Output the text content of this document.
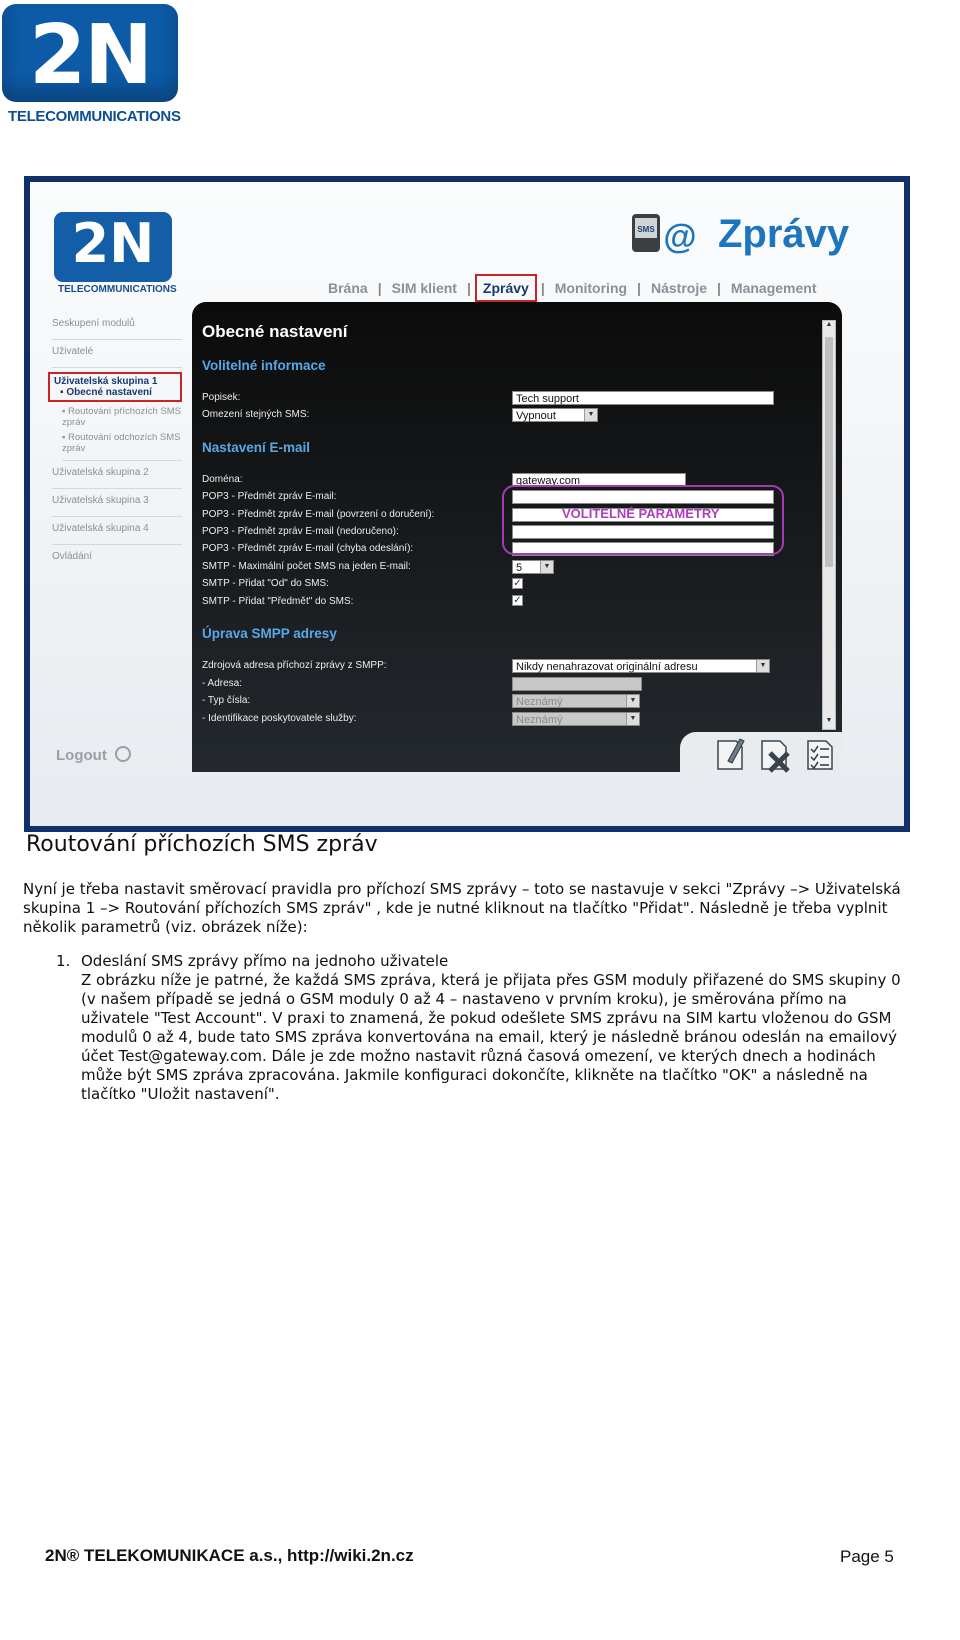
2N
TELECOMMUNICATIONS
2N
TELECOMMUNICATIONS
SMS @ Zprávy
Brána | SIM klient | Zprávy | Monitoring | Nástroje | Management
Seskupení modulů
Uživatelé
Uživatelská skupina 1
▪ Obecné nastavení
▪ Routování příchozích SMS zpráv
▪ Routování odchozích SMS zpráv
Uživatelská skupina 2
Uživatelská skupina 3
Uživatelská skupina 4
Ovládání
Logout
Obecné nastavení
Volitelné informace
Popisek:	Tech support
Omezení stejných SMS:	Vypnout	▼
Nastavení E-mail
Doména:	gateway.com
POP3 - Předmět zpráv E-mail:
POP3 - Předmět zpráv E-mail (povrzení o doručení):
POP3 - Předmět zpráv E-mail (nedoručeno):
POP3 - Předmět zpráv E-mail (chyba odeslání):
VOLITELNÉ PARAMETRY
SMTP - Maximální počet SMS na jeden E-mail:	5	▼
SMTP - Přidat "Od" do SMS:	✓
SMTP - Přidat "Předmět" do SMS:	✓
Úprava SMPP adresy
Zdrojová adresa příchozí zprávy z SMPP:	Nikdy nenahrazovat originální adresu	▼
- Adresa:
- Typ čísla:	Neznámý	▼
- Identifikace poskytovatele služby:	Neznámý	▼
▲
▼
Routování příchozích SMS zpráv
Nyní je třeba nastavit směrovací pravidla pro příchozí SMS zprávy – toto se nastavuje v sekci "Zprávy –> Uživatelská skupina 1 –> Routování příchozích SMS zpráv" , kde je nutné kliknout na tlačítko "Přidat". Následně je třeba vyplnit několik parametrů (viz. obrázek níže):
1. Odeslání SMS zprávy přímo na jednoho uživatele
Z obrázku níže je patrné, že každá SMS zpráva, která je přijata přes GSM moduly přiřazené do SMS skupiny 0 (v našem případě se jedná o GSM moduly 0 až 4 – nastaveno v prvním kroku), je směrována přímo na uživatele "Test Account". V praxi to znamená, že pokud odešlete SMS zprávu na SIM kartu vloženou do GSM modulů 0 až 4, bude tato SMS zpráva konvertována na email, který je následně bránou odeslán na emailový účet Test@gateway.com. Dále je zde možno nastavit různá časová omezení, ve kterých dnech a hodinách může být SMS zpráva zpracována. Jakmile konfiguraci dokončíte, klikněte na tlačítko "OK" a následně na tlačítko "Uložit nastavení".
2N® TELEKOMUNIKACE a.s., http://wiki.2n.cz	Page 5
